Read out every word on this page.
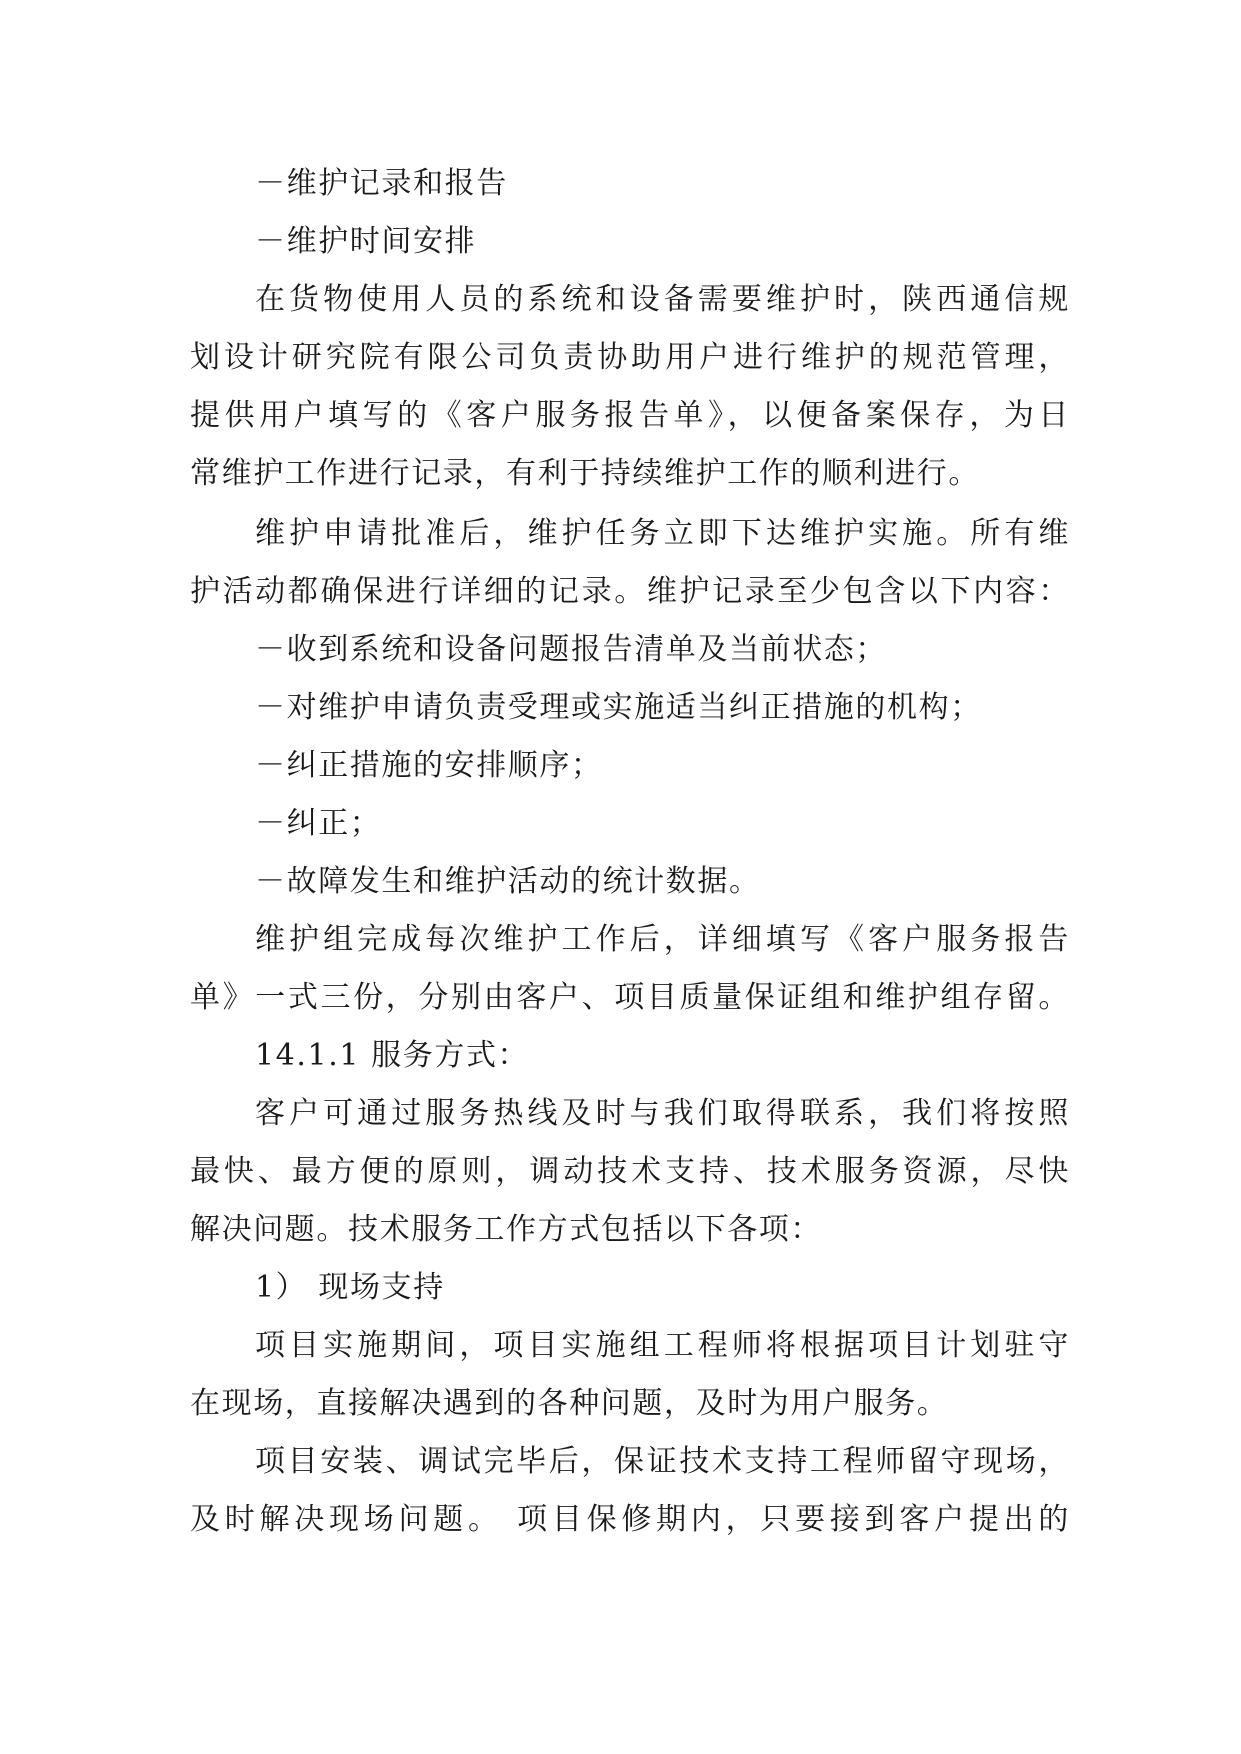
－维护记录和报告
－维护时间安排
在货物使用人员的系统和设备需要维护时，陕西通信规
划设计研究院有限公司负责协助用户进行维护的规范管理，
提供用户填写的《客户服务报告单》，以便备案保存，为日
常维护工作进行记录，有利于持续维护工作的顺利进行。
维护申请批准后，维护任务立即下达维护实施。所有维
护活动都确保进行详细的记录。维护记录至少包含以下内容：
－收到系统和设备问题报告清单及当前状态；
－对维护申请负责受理或实施适当纠正措施的机构；
－纠正措施的安排顺序；
－纠正；
－故障发生和维护活动的统计数据。
维护组完成每次维护工作后，详细填写《客户服务报告
单》一式三份，分别由客户、项目质量保证组和维护组存留。
14.1.1 服务方式：
客户可通过服务热线及时与我们取得联系，我们将按照
最快、最方便的原则，调动技术支持、技术服务资源，尽快
解决问题。技术服务工作方式包括以下各项：
1） 现场支持
项目实施期间，项目实施组工程师将根据项目计划驻守
在现场，直接解决遇到的各种问题，及时为用户服务。
项目安装、调试完毕后，保证技术支持工程师留守现场，
及时解决现场问题。 项目保修期内，只要接到客户提出的
